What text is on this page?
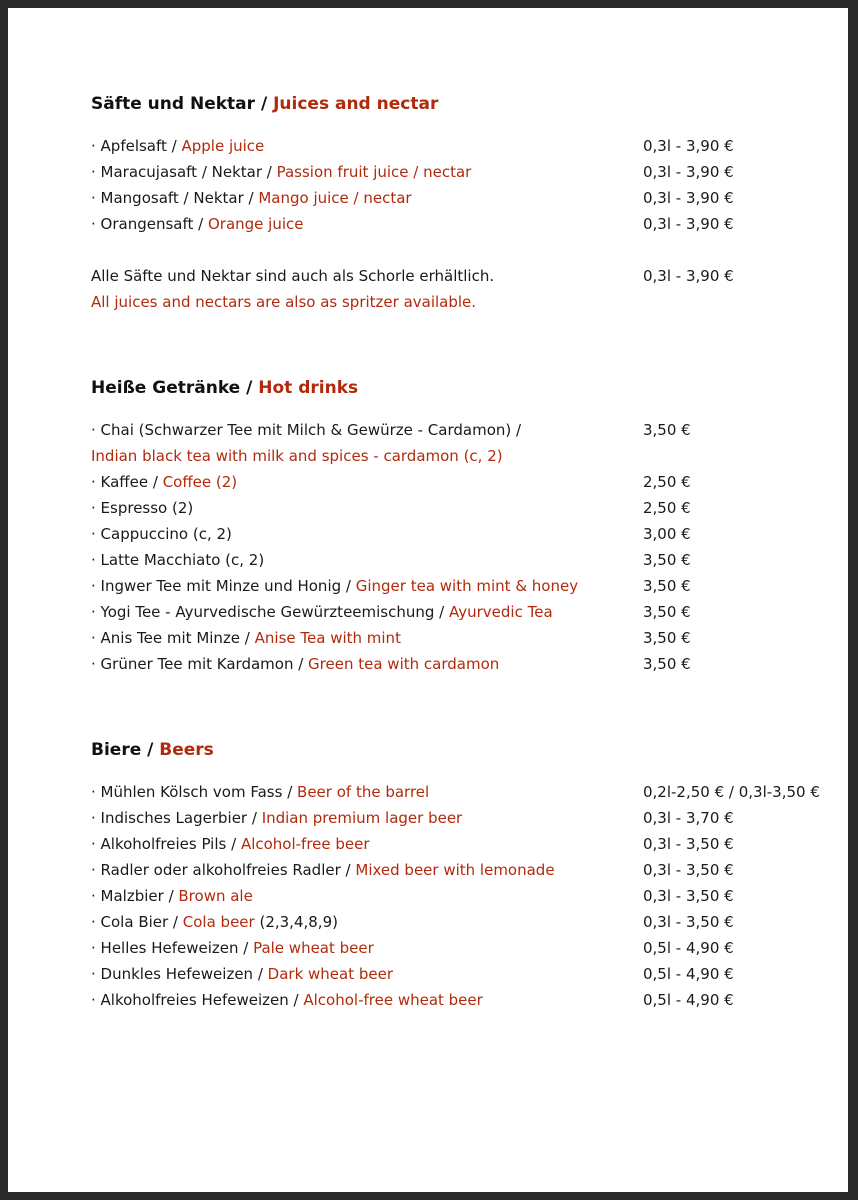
Säfte und Nektar / Juices and nectar
· Apfelsaft / Apple juice	0,3l - 3,90 €
· Maracujasaft / Nektar / Passion fruit juice / nectar	0,3l - 3,90 €
· Mangosaft / Nektar / Mango juice / nectar	0,3l - 3,90 €
· Orangensaft / Orange juice	0,3l - 3,90 €
Alle Säfte und Nektar sind auch als Schorle erhältlich.	0,3l - 3,90 €
All juices and nectars are also as spritzer available.
Heiße Getränke / Hot drinks
· Chai (Schwarzer Tee mit Milch & Gewürze - Cardamon) /	3,50 €
Indian black tea with milk and spices - cardamon (c, 2)
· Kaffee / Coffee (2)	2,50 €
· Espresso (2)	2,50 €
· Cappuccino (c, 2)	3,00 €
· Latte Macchiato (c, 2)	3,50 €
· Ingwer Tee mit Minze und Honig / Ginger tea with mint & honey	3,50 €
· Yogi Tee - Ayurvedische Gewürzteemischung / Ayurvedic Tea	3,50 €
· Anis Tee mit Minze / Anise Tea with mint	3,50 €
· Grüner Tee mit Kardamon / Green tea with cardamon	3,50 €
Biere / Beers
· Mühlen Kölsch vom Fass / Beer of the barrel	0,2l-2,50 € / 0,3l-3,50 €
· Indisches Lagerbier / Indian premium lager beer	0,3l - 3,70 €
· Alkoholfreies Pils / Alcohol-free beer	0,3l - 3,50 €
· Radler oder alkoholfreies Radler / Mixed beer with lemonade	0,3l - 3,50 €
· Malzbier / Brown ale	0,3l - 3,50 €
· Cola Bier / Cola beer (2,3,4,8,9)	0,3l - 3,50 €
· Helles Hefeweizen / Pale wheat beer	0,5l - 4,90 €
· Dunkles Hefeweizen / Dark wheat beer	0,5l - 4,90 €
· Alkoholfreies Hefeweizen / Alcohol-free wheat beer	0,5l - 4,90 €
